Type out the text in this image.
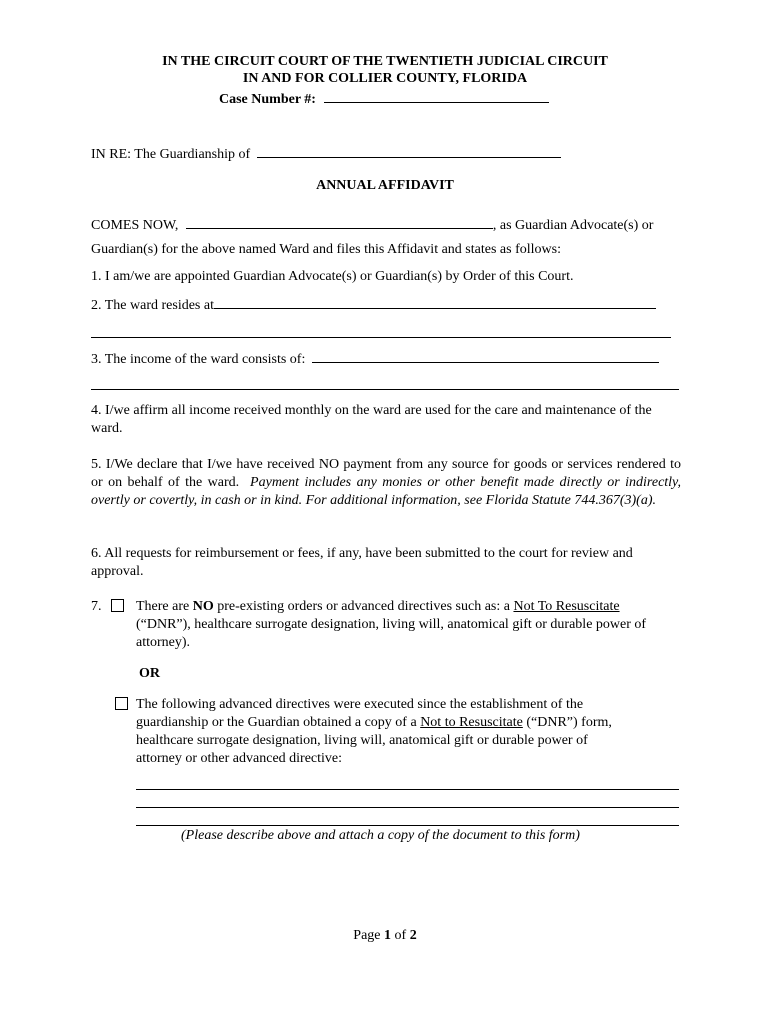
IN THE CIRCUIT COURT OF THE TWENTIETH JUDICIAL CIRCUIT
IN AND FOR COLLIER COUNTY, FLORIDA
Case Number #:
IN RE: The Guardianship of
ANNUAL AFFIDAVIT
COMES NOW,	, as Guardian Advocate(s) or
Guardian(s) for the above named Ward and files this Affidavit and states as follows:
1. I am/we are appointed Guardian Advocate(s) or Guardian(s) by Order of this Court.
2. The ward resides at
3. The income of the ward consists of:
4. I/we affirm all income received monthly on the ward are used for the care and maintenance of the ward.
5. I/We declare that I/we have received NO payment from any source for goods or services rendered to or on behalf of the ward. Payment includes any monies or other benefit made directly or indirectly, overtly or covertly, in cash or in kind. For additional information, see Florida Statute 744.367(3)(a).
6. All requests for reimbursement or fees, if any, have been submitted to the court for review and approval.
7. There are NO pre-existing orders or advanced directives such as: a Not To Resuscitate (“DNR”), healthcare surrogate designation, living will, anatomical gift or durable power of attorney).
OR
The following advanced directives were executed since the establishment of the guardianship or the Guardian obtained a copy of a Not to Resuscitate (“DNR”) form, healthcare surrogate designation, living will, anatomical gift or durable power of attorney or other advanced directive:
(Please describe above and attach a copy of the document to this form)
Page 1 of 2
